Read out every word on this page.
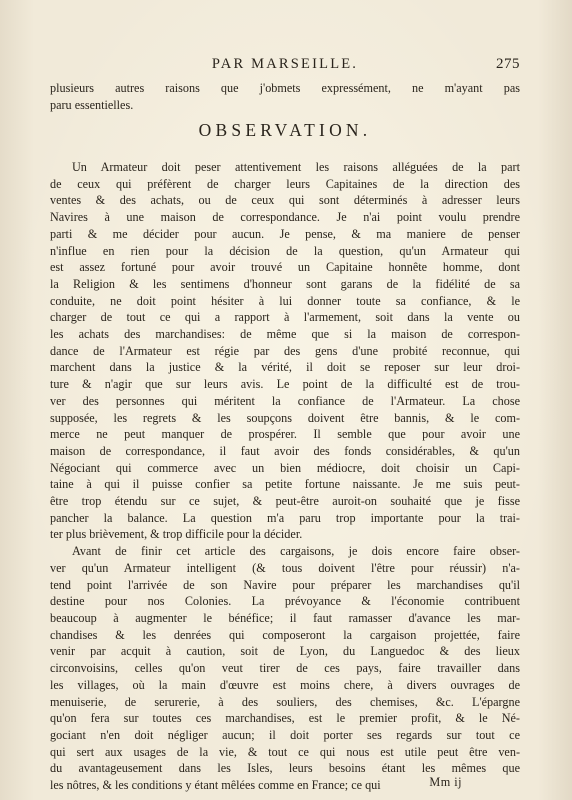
PAR MARSEILLE.	275
plusieurs autres raisons que j'obmets expressément, ne m'ayant pas
paru essentielles.
OBSERVATION.
Un Armateur doit peser attentivement les raisons alléguées de la part
de ceux qui préfèrent de charger leurs Capitaines de la direction des
ventes & des achats, ou de ceux qui sont déterminés à adresser leurs
Navires à une maison de correspondance. Je n'ai point voulu prendre
parti & me décider pour aucun. Je pense, & ma maniere de penser
n'influe en rien pour la décision de la question, qu'un Armateur qui
est assez fortuné pour avoir trouvé un Capitaine honnête homme, dont
la Religion & les sentimens d'honneur sont garans de la fidélité de sa
conduite, ne doit point hésiter à lui donner toute sa confiance, & le
charger de tout ce qui a rapport à l'armement, soit dans la vente ou
les achats des marchandises: de même que si la maison de correspon-
dance de l'Armateur est régie par des gens d'une probité reconnue, qui
marchent dans la justice & la vérité, il doit se reposer sur leur droi-
ture & n'agir que sur leurs avis. Le point de la difficulté est de trou-
ver des personnes qui méritent la confiance de l'Armateur. La chose
supposée, les regrets & les soupçons doivent être bannis, & le com-
merce ne peut manquer de prospérer. Il semble que pour avoir une
maison de correspondance, il faut avoir des fonds considérables, & qu'un
Négociant qui commerce avec un bien médiocre, doit choisir un Capi-
taine à qui il puisse confier sa petite fortune naissante. Je me suis peut-
être trop étendu sur ce sujet, & peut-être auroit-on souhaité que je fisse
pancher la balance. La question m'a paru trop importante pour la trai-
ter plus brièvement, & trop difficile pour la décider.
Avant de finir cet article des cargaisons, je dois encore faire obser-
ver qu'un Armateur intelligent (& tous doivent l'être pour réussir) n'a-
tend point l'arrivée de son Navire pour préparer les marchandises qu'il
destine pour nos Colonies. La prévoyance & l'économie contribuent
beaucoup à augmenter le bénéfice; il faut ramasser d'avance les mar-
chandises & les denrées qui composeront la cargaison projettée, faire
venir par acquit à caution, soit de Lyon, du Languedoc & des lieux
circonvoisins, celles qu'on veut tirer de ces pays, faire travailler dans
les villages, où la main d'œuvre est moins chere, à divers ouvrages de
menuiserie, de serurerie, à des souliers, des chemises, &c. L'épargne
qu'on fera sur toutes ces marchandises, est le premier profit, & le Né-
gociant n'en doit négliger aucun; il doit porter ses regards sur tout ce
qui sert aux usages de la vie, & tout ce qui nous est utile peut être ven-
du avantageusement dans les Isles, leurs besoins étant les mêmes que
les nôtres, & les conditions y étant mêlées comme en France; ce qui	Mm ij
